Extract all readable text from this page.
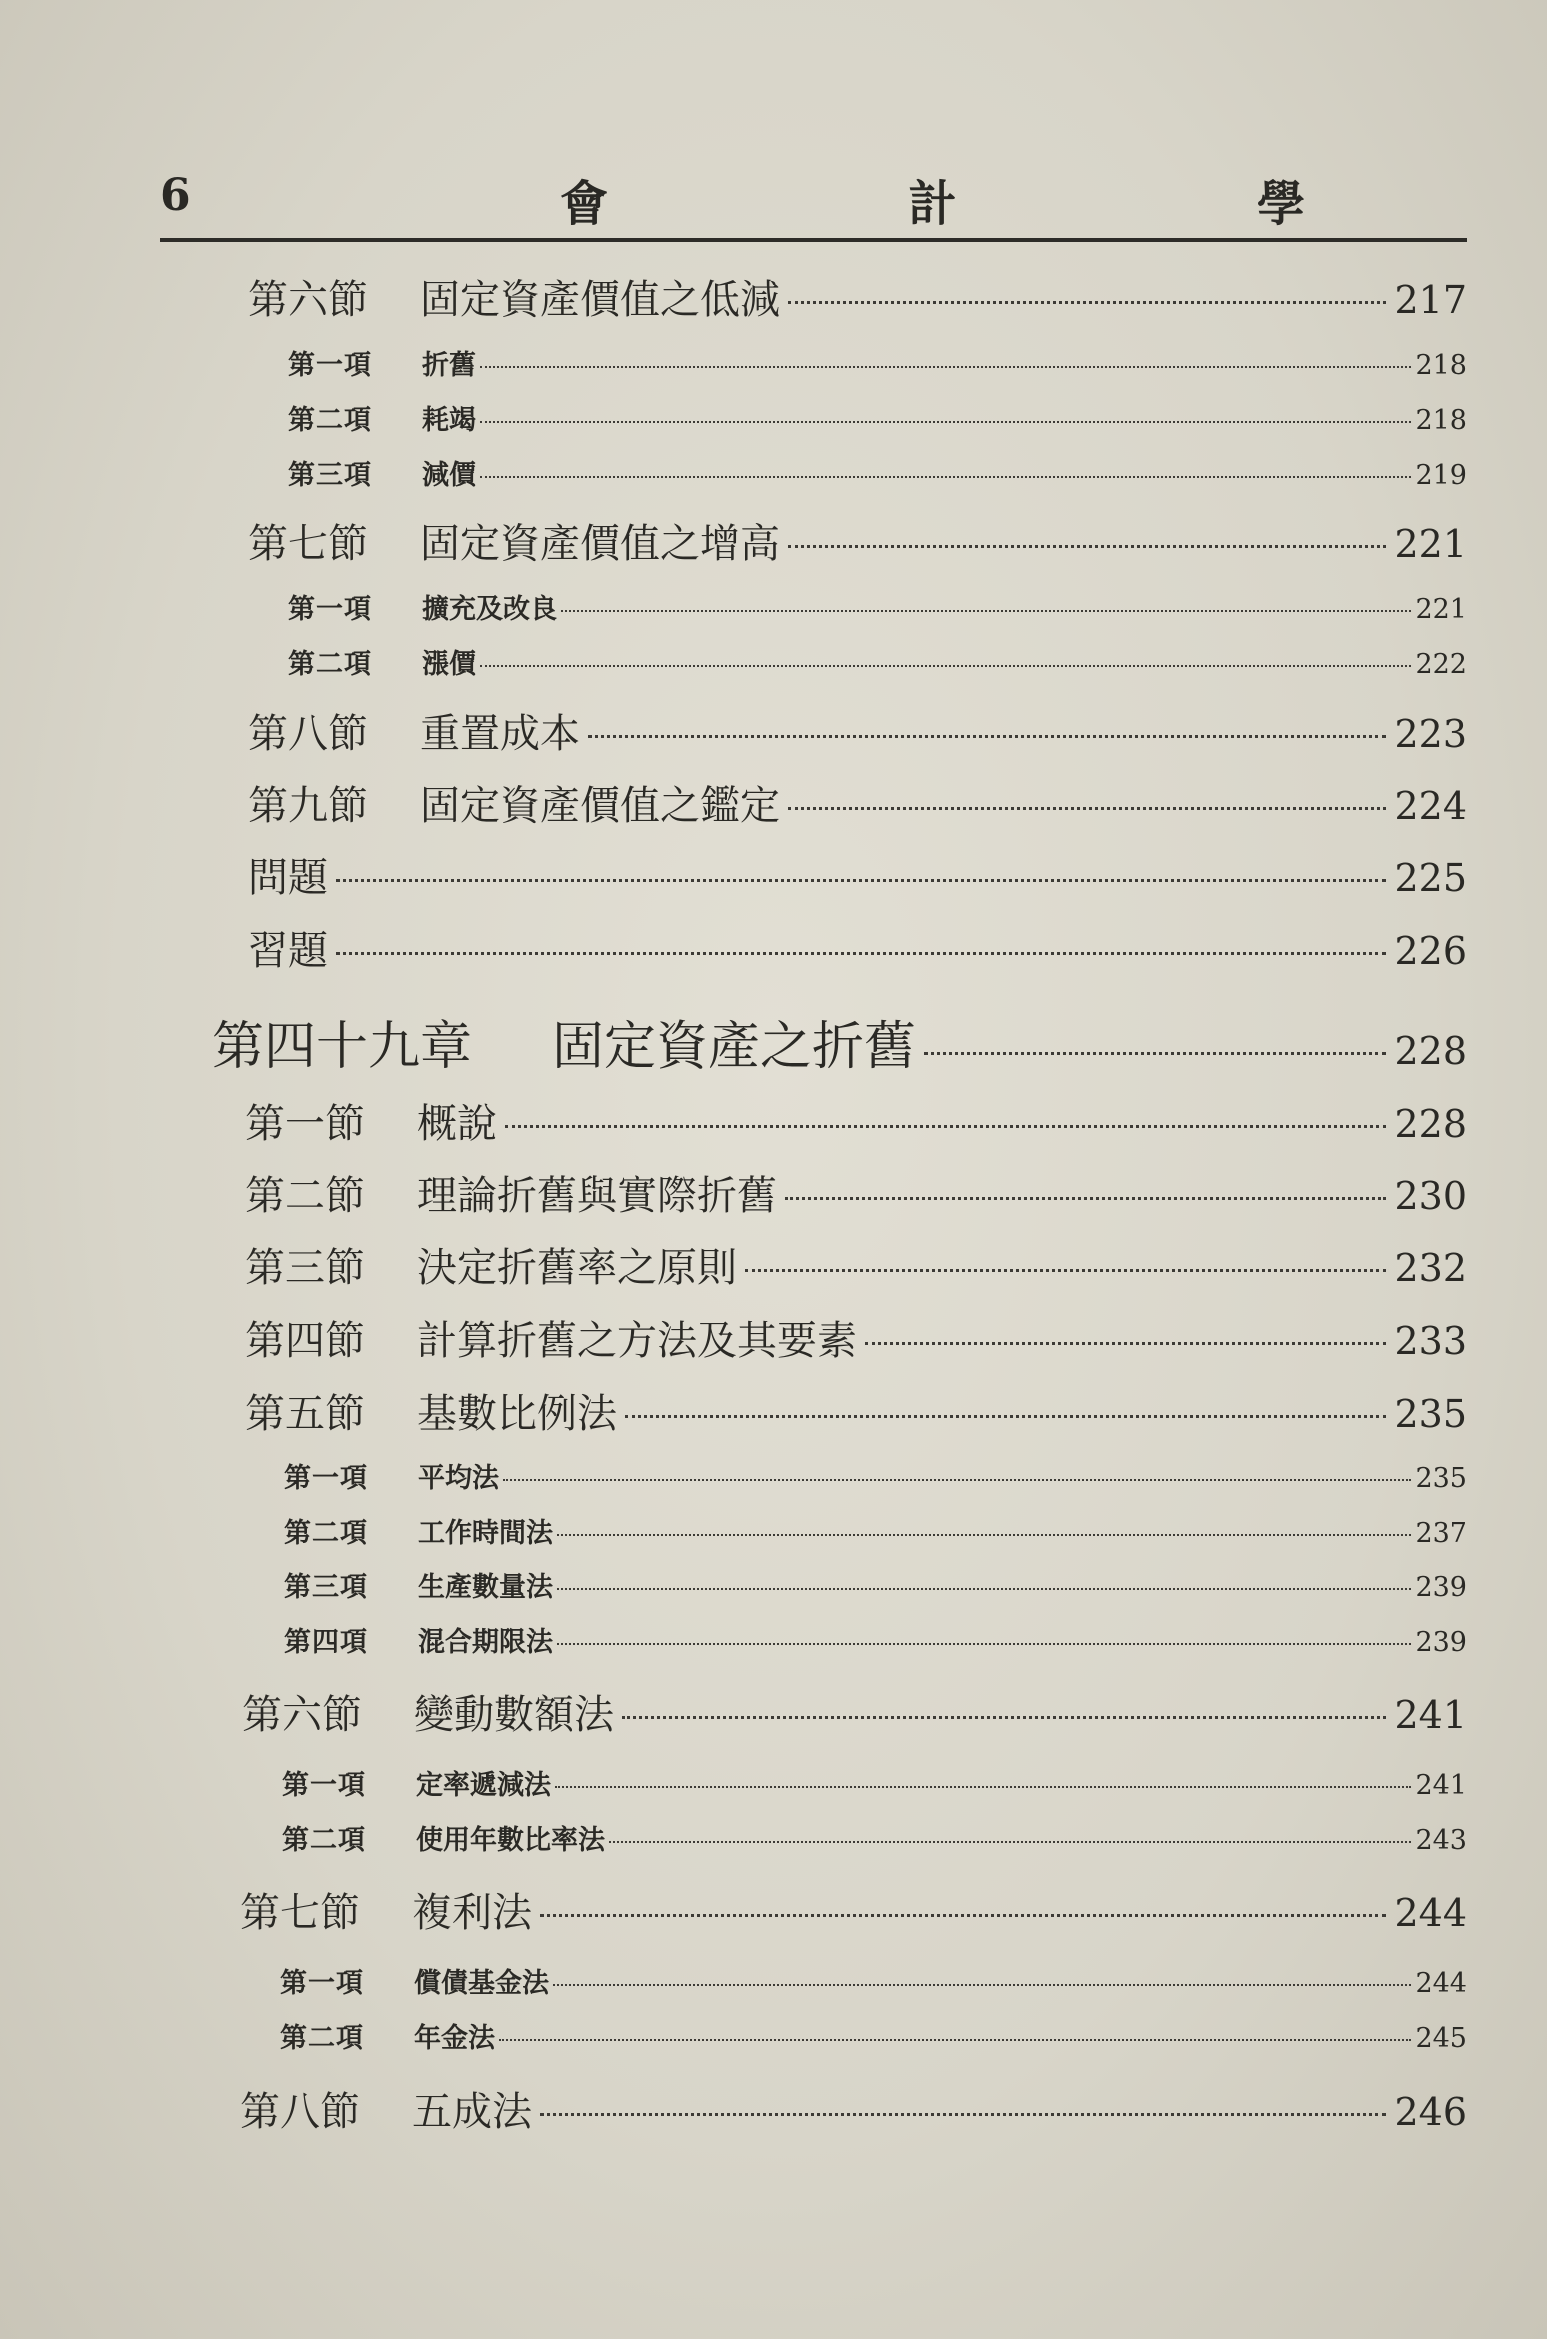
6	會	計	學
第六節	固定資產價值之低減	217
第一項	折舊	218
第二項	耗竭	218
第三項	減價	219
第七節	固定資產價值之增高	221
第一項	擴充及改良	221
第二項	漲價	222
第八節	重置成本	223
第九節	固定資產價值之鑑定	224
問題	225
習題	226
第四十九章	固定資產之折舊	228
第一節	概說	228
第二節	理論折舊與實際折舊	230
第三節	決定折舊率之原則	232
第四節	計算折舊之方法及其要素	233
第五節	基數比例法	235
第一項	平均法	235
第二項	工作時間法	237
第三項	生產數量法	239
第四項	混合期限法	239
第六節	變動數額法	241
第一項	定率遞減法	241
第二項	使用年數比率法	243
第七節	複利法	244
第一項	償債基金法	244
第二項	年金法	245
第八節	五成法	246
